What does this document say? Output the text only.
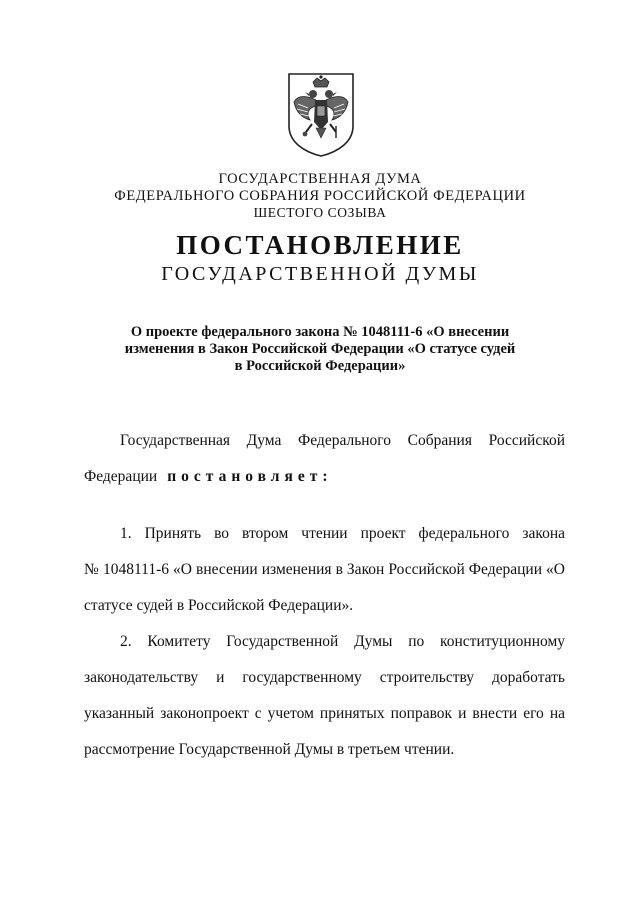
ГОСУДАРСТВЕННАЯ ДУМА
ФЕДЕРАЛЬНОГО СОБРАНИЯ РОССИЙСКОЙ ФЕДЕРАЦИИ
ШЕСТОГО СОЗЫВА
ПОСТАНОВЛЕНИЕ
ГОСУДАРСТВЕННОЙ ДУМЫ
О проекте федерального закона № 1048111-6 «О внесении
изменения в Закон Российской Федерации «О статусе судей
в Российской Федерации»
Государственная Дума Федерального Собрания Российской
Федерации постановляет:
1. Принять во втором чтении проект федерального закона
№ 1048111-6 «О внесении изменения в Закон Российской Федерации «О
статусе судей в Российской Федерации».
2. Комитету Государственной Думы по конституционному
законодательству и государственному строительству доработать
указанный законопроект с учетом принятых поправок и внести его на
рассмотрение Государственной Думы в третьем чтении.
